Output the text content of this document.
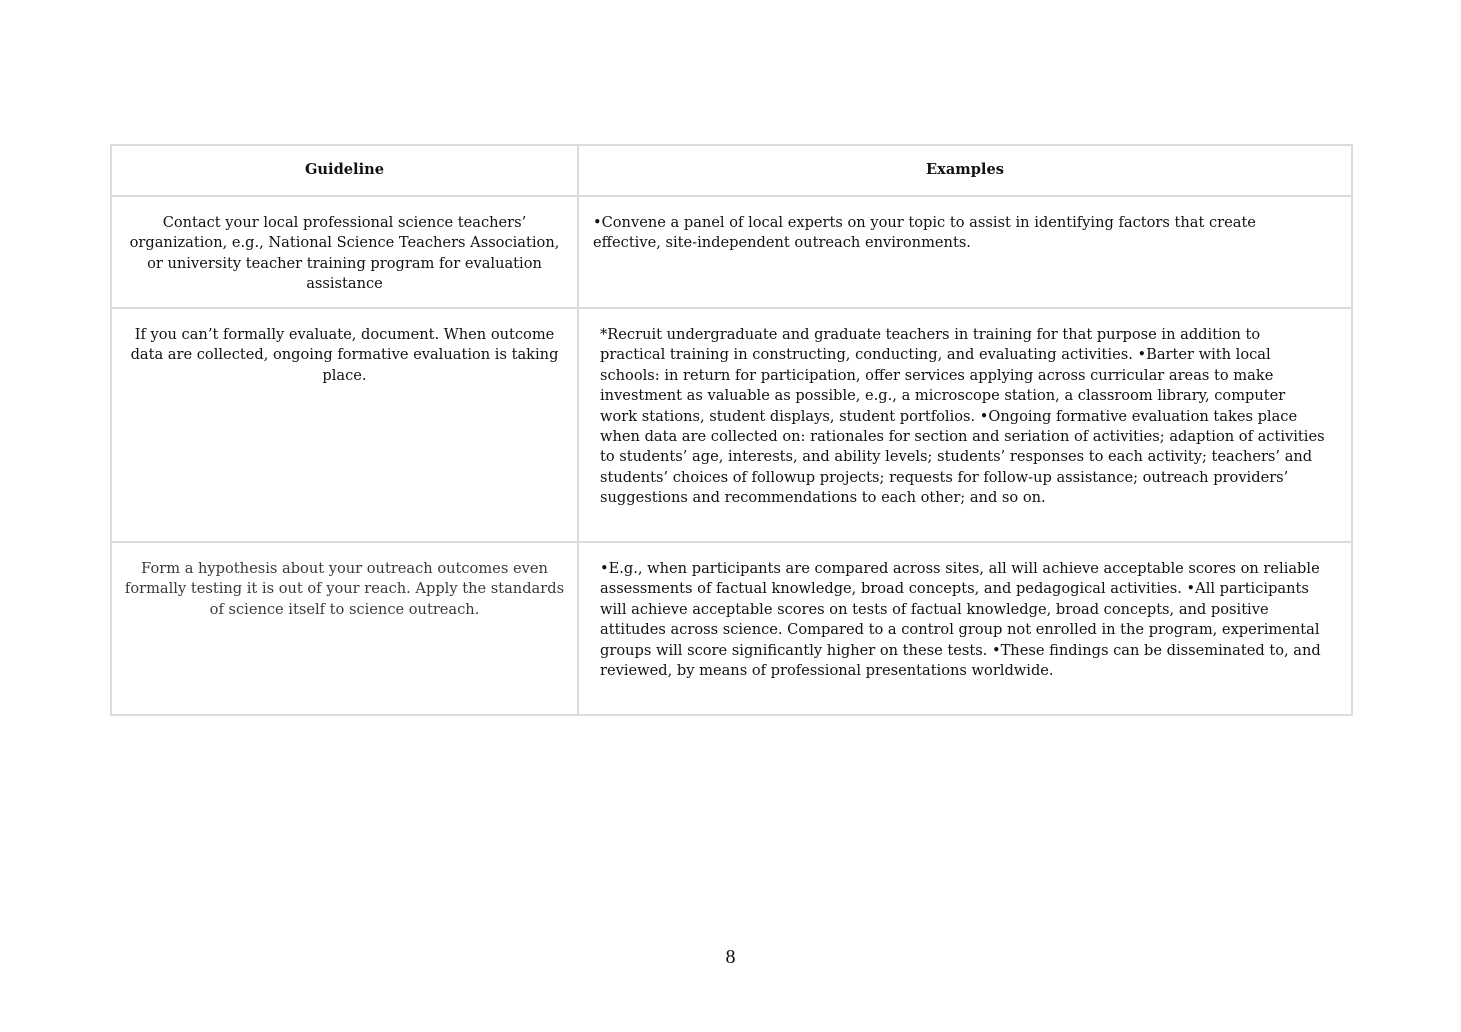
Guideline	Examples
Contact your local professional science teachers’ organization, e.g., National Science Teachers Association, or university teacher training program for evaluation assistance	•Convene a panel of local experts on your topic to assist in identifying factors that create effective, site-independent outreach environments.
If you can’t formally evaluate, document. When outcome data are collected, ongoing formative evaluation is taking place.	*Recruit undergraduate and graduate teachers in training for that purpose in addition to practical training in constructing, conducting, and evaluating activities. •Barter with local schools: in return for participation, offer services applying across curricular areas to make investment as valuable as possible, e.g., a microscope station, a classroom library, computer work stations, student displays, student portfolios. •Ongoing formative evaluation takes place when data are collected on: rationales for section and seriation of activities; adaption of activities to students’ age, interests, and ability levels; students’ responses to each activity; teachers’ and students’ choices of followup projects; requests for follow-up assistance; outreach providers’ suggestions and recommendations to each other; and so on.
Form a hypothesis about your outreach outcomes even formally testing it is out of your reach. Apply the standards of science itself to science outreach.	•E.g., when participants are compared across sites, all will achieve acceptable scores on reliable assessments of factual knowledge, broad concepts, and pedagogical activities. •All participants will achieve acceptable scores on tests of factual knowledge, broad concepts, and positive attitudes across science. Compared to a control group not enrolled in the program, experimental groups will score significantly higher on these tests. •These findings can be disseminated to, and reviewed, by means of professional presentations worldwide.
8
